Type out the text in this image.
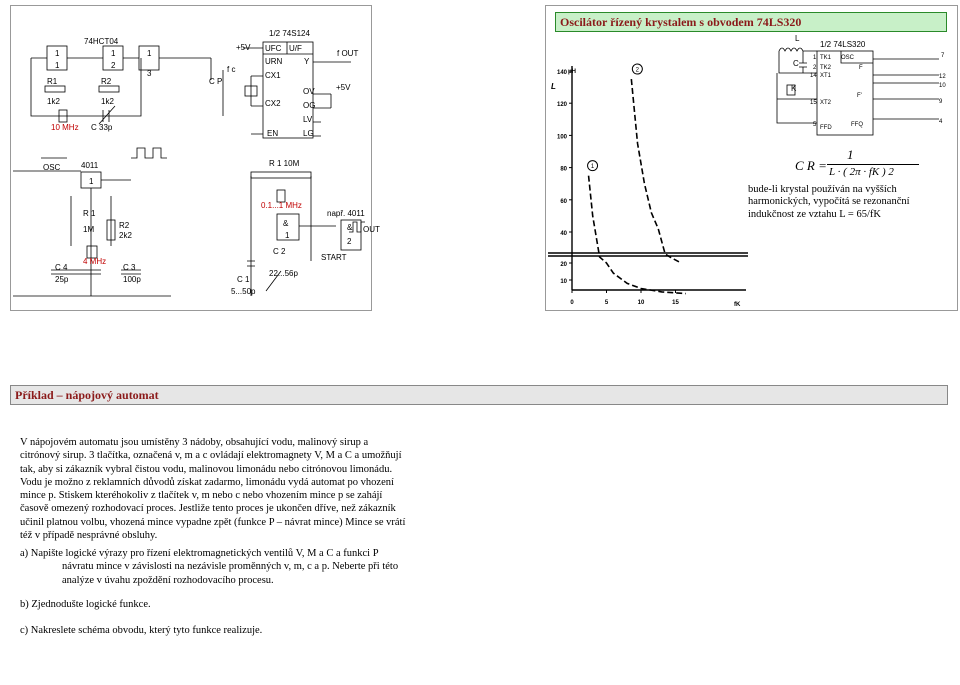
74HCT04
1	1	1
1	2
3
R1	R2
1k2	1k2
10 MHz C 33p
1/2 74S124
+5V UFC U/F
URN
CX1
CX2
Y
OV
OG
LV
LG
EN
f OUT
+5V
f c
C P
OSC	4011
1
R 1
1M	R2
2k2
4 MHz
C 4
25p
C 3
100p
R 1 10M
0.1...1 MHz
&
1
C 2
22...56p
C 1
5...50p
např. 4011
&
2
OUT
START
Oscilátor řízený krystalem s obvodem 74LS320
1/2 74LS320
TK1 OSC
TK2	F
XT1
XT2
F'
FFD	FFQ
1
2
14
15
5
7
12
10
9
4
L
C
K
140
120
100
80
60
40
20
10
L
μH
0	5	10	15	fK
1
2
C R =
1
L · ( 2π · fK ) 2
bude-li krystal používán na vyšších harmonických, vypočítá se rezonanční indukčnost ze vztahu L = 65/fK
Příklad – nápojový automat
V nápojovém automatu jsou umístěny 3 nádoby, obsahující vodu, malinový sirup a
citrónový sirup. 3 tlačítka, označená v, m a c ovládají elektromagnety V, M a C a umožňují
tak, aby si zákazník vybral čistou vodu, malinovou limonádu nebo citrónovou limonádu.
Vodu je možno z reklamních důvodů získat zadarmo, limonádu vydá automat po vhození
mince p. Stiskem kteréhokoliv z tlačítek v, m nebo c nebo vhozením mince p se zahájí
časově omezený rozhodovací proces. Jestliže tento proces je ukončen dříve, než zákazník
učinil platnou volbu, vhozená mince vypadne zpět (funkce P – návrat mince) Mince se vrátí
též v případě nesprávné obsluhy.
a) Napište logické výrazy pro řízení elektromagnetických ventilů V, M a C a funkci P
návratu mince v závislosti na nezávisle proměnných v, m, c a p. Neberte při této
analýze v úvahu zpoždění rozhodovacího procesu.
b) Zjednodušte logické funkce.
c) Nakreslete schéma obvodu, který tyto funkce realizuje.
